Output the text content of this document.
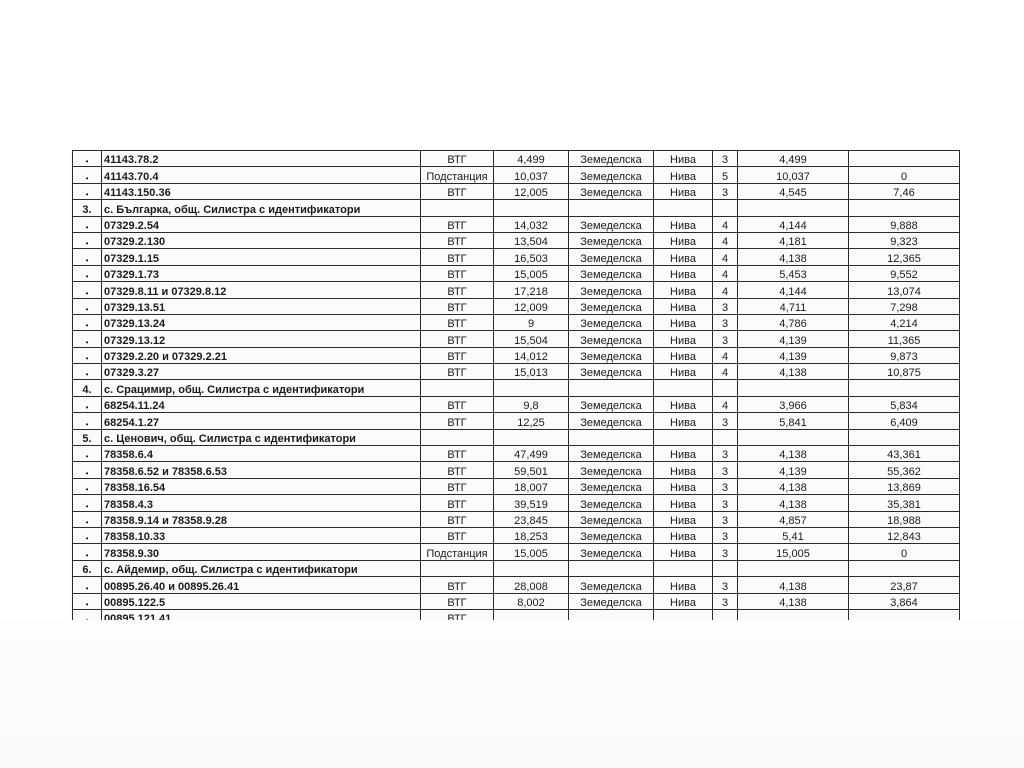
•	41143.78.2	ВТГ	4,499	Земеделска	Нива	3	4,499	
•	41143.70.4	Подстанция	10,037	Земеделска	Нива	5	10,037	0
•	41143.150.36	ВТГ	12,005	Земеделска	Нива	3	4,545	7,46
3.	с. Българка, общ. Силистра с идентификатори							
•	07329.2.54	ВТГ	14,032	Земеделска	Нива	4	4,144	9,888
•	07329.2.130	ВТГ	13,504	Земеделска	Нива	4	4,181	9,323
•	07329.1.15	ВТГ	16,503	Земеделска	Нива	4	4,138	12,365
•	07329.1.73	ВТГ	15,005	Земеделска	Нива	4	5,453	9,552
•	07329.8.11 и 07329.8.12	ВТГ	17,218	Земеделска	Нива	4	4,144	13,074
•	07329.13.51	ВТГ	12,009	Земеделска	Нива	3	4,711	7,298
•	07329.13.24	ВТГ	9	Земеделска	Нива	3	4,786	4,214
•	07329.13.12	ВТГ	15,504	Земеделска	Нива	3	4,139	11,365
•	07329.2.20 и 07329.2.21	ВТГ	14,012	Земеделска	Нива	4	4,139	9,873
•	07329.3.27	ВТГ	15,013	Земеделска	Нива	4	4,138	10,875
4.	с. Срацимир, общ. Силистра с идентификатори							
•	68254.11.24	ВТГ	9,8	Земеделска	Нива	4	3,966	5,834
•	68254.1.27	ВТГ	12,25	Земеделска	Нива	3	5,841	6,409
5.	с. Ценович, общ. Силистра с идентификатори							
•	78358.6.4	ВТГ	47,499	Земеделска	Нива	3	4,138	43,361
•	78358.6.52 и 78358.6.53	ВТГ	59,501	Земеделска	Нива	3	4,139	55,362
•	78358.16.54	ВТГ	18,007	Земеделска	Нива	3	4,138	13,869
•	78358.4.3	ВТГ	39,519	Земеделска	Нива	3	4,138	35,381
•	78358.9.14 и 78358.9.28	ВТГ	23,845	Земеделска	Нива	3	4,857	18,988
•	78358.10.33	ВТГ	18,253	Земеделска	Нива	3	5,41	12,843
•	78358.9.30	Подстанция	15,005	Земеделска	Нива	3	15,005	0
6.	с. Айдемир, общ. Силистра с идентификатори							
•	00895.26.40 и 00895.26.41	ВТГ	28,008	Земеделска	Нива	3	4,138	23,87
•	00895.122.5	ВТГ	8,002	Земеделска	Нива	3	4,138	3,864
